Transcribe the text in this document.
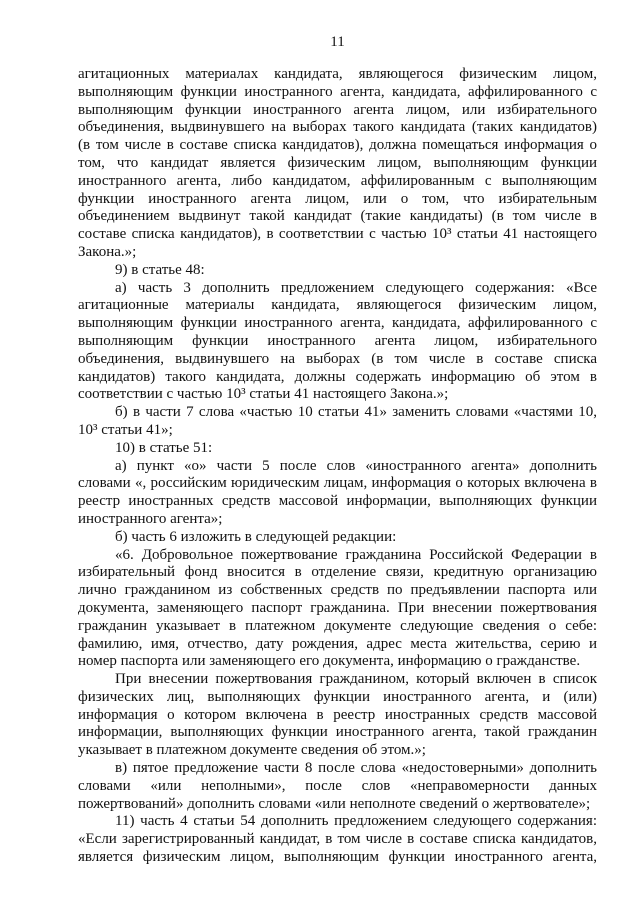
11
агитационных материалах кандидата, являющегося физическим лицом,
выполняющим функции иностранного агента, кандидата, аффилированного с
выполняющим функции иностранного агента лицом, или избирательного
объединения, выдвинувшего на выборах такого кандидата (таких кандидатов)
(в том числе в составе списка кандидатов), должна помещаться информация о
том, что кандидат является физическим лицом, выполняющим функции
иностранного агента, либо кандидатом, аффилированным с выполняющим
функции иностранного агента лицом, или о том, что избирательным
объединением выдвинут такой кандидат (такие кандидаты) (в том числе в
составе списка кандидатов), в соответствии с частью 10³ статьи 41 настоящего
Закона.»;
9) в статье 48:
а) часть 3 дополнить предложением следующего содержания: «Все
агитационные материалы кандидата, являющегося физическим лицом,
выполняющим функции иностранного агента, кандидата, аффилированного с
выполняющим функции иностранного агента лицом, избирательного
объединения, выдвинувшего на выборах (в том числе в составе списка
кандидатов) такого кандидата, должны содержать информацию об этом в
соответствии с частью 10³ статьи 41 настоящего Закона.»;
б) в части 7 слова «частью 10 статьи 41» заменить словами «частями 10,
10³ статьи 41»;
10) в статье 51:
а) пункт «о» части 5 после слов «иностранного агента» дополнить
словами «, российским юридическим лицам, информация о которых включена в
реестр иностранных средств массовой информации, выполняющих функции
иностранного агента»;
б) часть 6 изложить в следующей редакции:
«6. Добровольное пожертвование гражданина Российской Федерации в
избирательный фонд вносится в отделение связи, кредитную организацию
лично гражданином из собственных средств по предъявлении паспорта или
документа, заменяющего паспорт гражданина. При внесении пожертвования
гражданин указывает в платежном документе следующие сведения о себе:
фамилию, имя, отчество, дату рождения, адрес места жительства, серию и
номер паспорта или заменяющего его документа, информацию о гражданстве.
При внесении пожертвования гражданином, который включен в список
физических лиц, выполняющих функции иностранного агента, и (или)
информация о котором включена в реестр иностранных средств массовой
информации, выполняющих функции иностранного агента, такой гражданин
указывает в платежном документе сведения об этом.»;
в) пятое предложение части 8 после слова «недостоверными» дополнить
словами «или неполными», после слов «неправомерности данных
пожертвований» дополнить словами «или неполноте сведений о жертвователе»;
11) часть 4 статьи 54 дополнить предложением следующего содержания:
«Если зарегистрированный кандидат, в том числе в составе списка кандидатов,
является физическим лицом, выполняющим функции иностранного агента,
